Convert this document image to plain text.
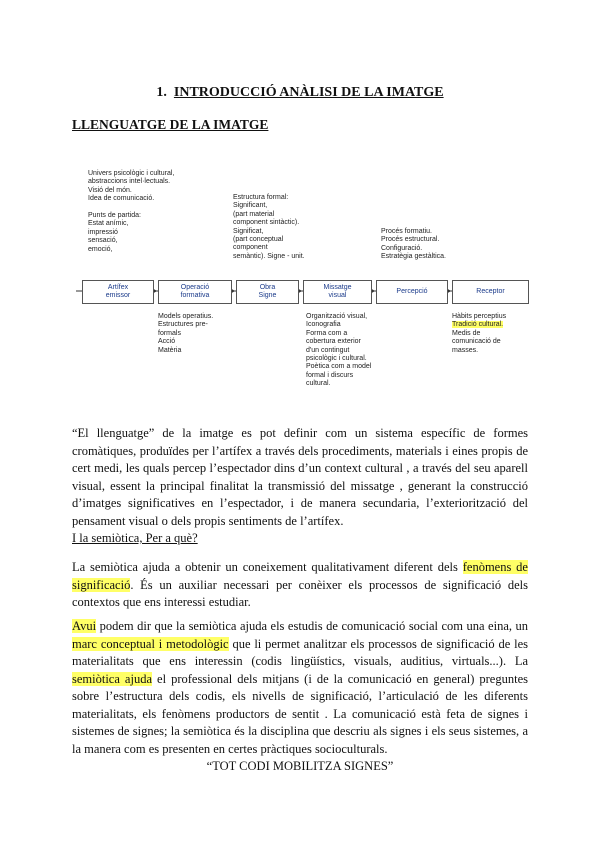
1. INTRODUCCIÓ ANÀLISI DE LA IMATGE
LLENGUATGE DE LA IMATGE
Univers psicològic i cultural,
abstraccions intel·lectuals.
Visió del món.
Idea de comunicació.

Punts de partida:
Estat anímic,
impressió
sensació,
emoció,
Estructura formal:
Significant,
(part material
component sintàctic).
Significat,
(part conceptual
component
semàntic). Signe - unit.
Procés formatiu.
Procés estructural.
Configuració.
Estratègia gestàltica.
Artífex
emissor
Operació
formativa
Obra
Signe
Missatge
visual
Percepció	Receptor
Models operatius.
Estructures pre-
formals
Acció
Matèria
Organització visual,
Iconografia
Forma com a
cobertura exterior
d'un contingut
psicològic i cultural.
Poètica com a model
formal i discurs
cultural.
Hàbits perceptius
Tradició cultural.
Medis de
comunicació de
masses.
“El llenguatge” de la imatge es pot definir com un sistema específic de formes cromàtiques, produïdes per l’artífex a través dels procediments, materials i eines propis de cert medi, les quals percep l’espectador dins d’un context cultural , a través del seu aparell visual, essent la principal finalitat la transmissió del missatge , generant la construcció d’imatges significatives en l’espectador, i de manera secundaria, l’exteriorització del pensament visual o dels propis sentiments de l’artífex.
I la semiòtica, Per a què?
La semiòtica ajuda a obtenir un coneixement qualitativament diferent dels fenòmens de significació. És un auxiliar necessari per conèixer els processos de significació dels contextos que ens interessi estudiar.
Avui podem dir que la semiòtica ajuda els estudis de comunicació social com una eina, un marc conceptual i metodològic que li permet analitzar els processos de significació de les materialitats que ens interessin (codis lingüístics, visuals, auditius, virtuals...). La semiòtica ajuda el professional dels mitjans (i de la comunicació en general) preguntes sobre l’estructura dels codis, els nivells de significació, l’articulació de les diferents materialitats, els fenòmens productors de sentit . La comunicació està feta de signes i sistemes de signes; la semiòtica és la disciplina que descriu als signes i els seus sistemes, a la manera com es presenten en certes pràctiques socioculturals.
“TOT CODI MOBILITZA SIGNES”
